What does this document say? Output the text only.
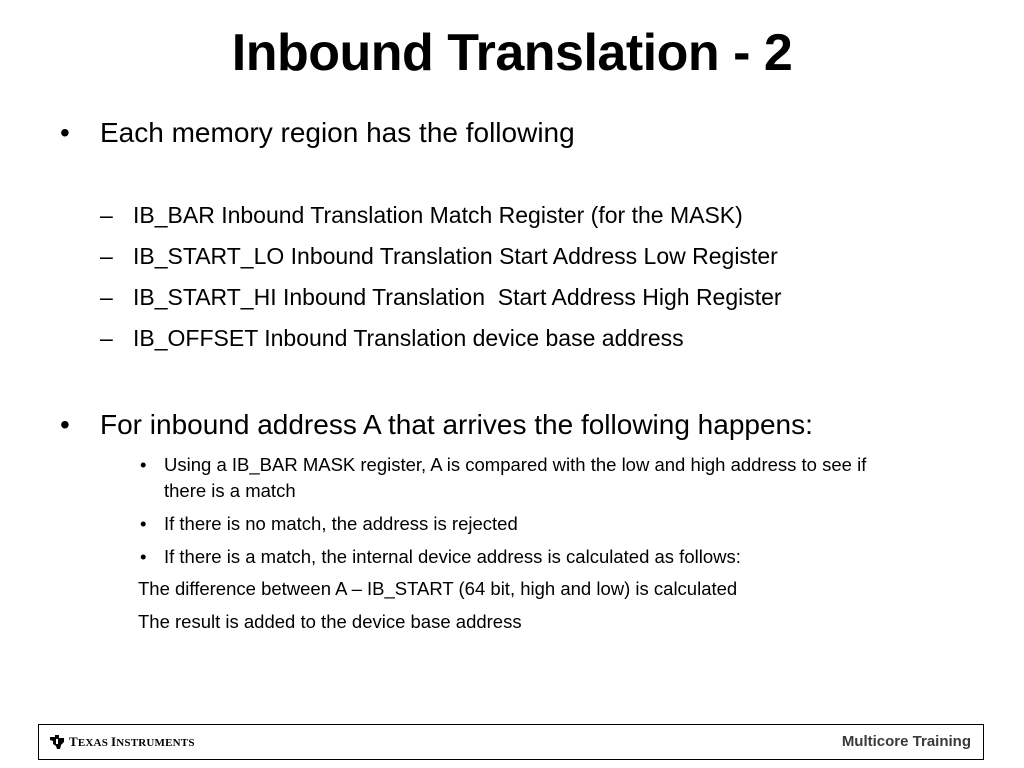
Inbound Translation - 2
• Each memory region has the following
– IB_BAR Inbound Translation Match Register (for the MASK)
– IB_START_LO Inbound Translation Start Address Low Register
– IB_START_HI Inbound Translation  Start Address High Register
– IB_OFFSET Inbound Translation device base address
• For inbound address A that arrives the following happens:
• Using a IB_BAR MASK register, A is compared with the low and high address to see if
there is a match
• If there is no match, the address is rejected
• If there is a match, the internal device address is calculated as follows:
The difference between A – IB_START (64 bit, high and low) is calculated
The result is added to the device base address
TEXAS INSTRUMENTS	Multicore Training
